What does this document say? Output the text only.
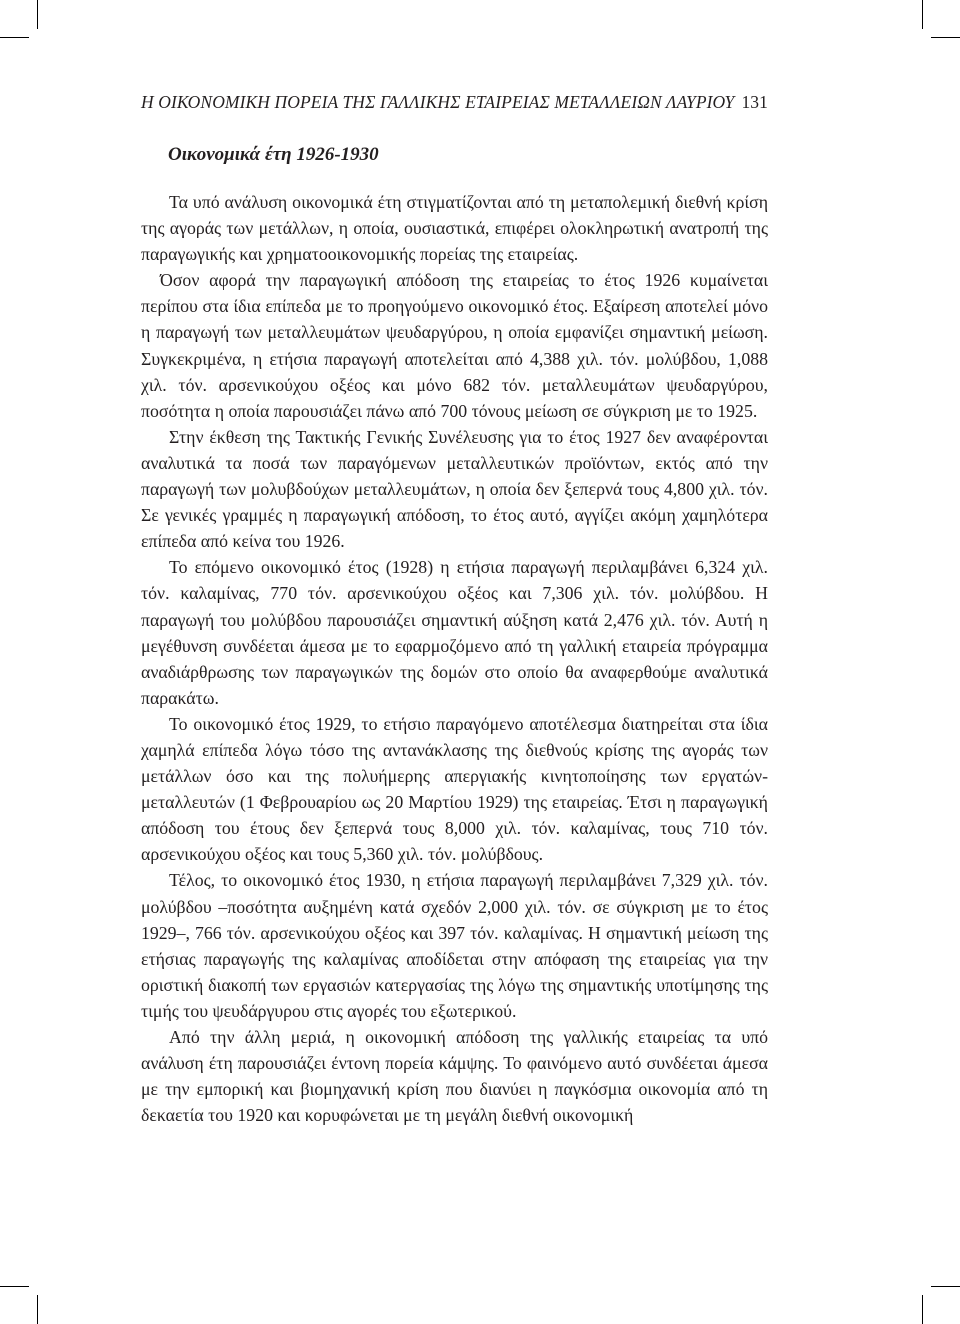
Η ΟΙΚΟΝΟΜΙΚΗ ΠΟΡΕΙΑ ΤΗΣ ΓΑΛΛΙΚΗΣ ΕΤΑΙΡΕΙΑΣ ΜΕΤΑΛΛΕΙΩΝ ΛΑΥΡΙΟΥ 131
Οικονομικά έτη 1926-1930

Τα υπό ανάλυση οικονομικά έτη στιγματίζονται από τη μεταπολεμική διεθνή κρίση της αγοράς των μετάλλων, η οποία, ουσιαστικά, επιφέρει ολοκληρωτική ανατροπή της παραγωγικής και χρηματοοικονομικής πορείας της εταιρείας.

Όσον αφορά την παραγωγική απόδοση της εταιρείας το έτος 1926 κυμαίνεται περίπου στα ίδια επίπεδα με το προηγούμενο οικονομικό έτος. Εξαίρεση αποτελεί μόνο η παραγωγή των μεταλλευμάτων ψευδαργύρου, η οποία εμφανίζει σημαντική μείωση. Συγκεκριμένα, η ετήσια παραγωγή αποτελείται από 4,388 χιλ. τόν. μολύβδου, 1,088 χιλ. τόν. αρσενικούχου οξέος και μόνο 682 τόν. μεταλλευμάτων ψευδαργύρου, ποσότητα η οποία παρουσιάζει πάνω από 700 τόνους μείωση σε σύγκριση με το 1925.

Στην έκθεση της Τακτικής Γενικής Συνέλευσης για το έτος 1927 δεν αναφέρονται αναλυτικά τα ποσά των παραγόμενων μεταλλευτικών προϊόντων, εκτός από την παραγωγή των μολυβδούχων μεταλλευμάτων, η οποία δεν ξεπερνά τους 4,800 χιλ. τόν. Σε γενικές γραμμές η παραγωγική απόδοση, το έτος αυτό, αγγίζει ακόμη χαμηλότερα επίπεδα από κείνα του 1926.

Το επόμενο οικονομικό έτος (1928) η ετήσια παραγωγή περιλαμβάνει 6,324 χιλ. τόν. καλαμίνας, 770 τόν. αρσενικούχου οξέος και 7,306 χιλ. τόν. μολύβδου. Η παραγωγή του μολύβδου παρουσιάζει σημαντική αύξηση κατά 2,476 χιλ. τόν. Αυτή η μεγέθυνση συνδέεται άμεσα με το εφαρμοζόμενο από τη γαλλική εταιρεία πρόγραμμα αναδιάρθρωσης των παραγωγικών της δομών στο οποίο θα αναφερθούμε αναλυτικά παρακάτω.

Το οικονομικό έτος 1929, το ετήσιο παραγόμενο αποτέλεσμα διατηρείται στα ίδια χαμηλά επίπεδα λόγω τόσο της αντανάκλασης της διεθνούς κρίσης της αγοράς των μετάλλων όσο και της πολυήμερης απεργιακής κινητοποίησης των εργατών-μεταλλευτών (1 Φεβρουαρίου ως 20 Μαρτίου 1929) της εταιρείας. Έτσι η παραγωγική απόδοση του έτους δεν ξεπερνά τους 8,000 χιλ. τόν. καλαμίνας, τους 710 τόν. αρσενικούχου οξέος και τους 5,360 χιλ. τόν. μολύβδους.

Τέλος, το οικονομικό έτος 1930, η ετήσια παραγωγή περιλαμβάνει 7,329 χιλ. τόν. μολύβδου –ποσότητα αυξημένη κατά σχεδόν 2,000 χιλ. τόν. σε σύγκριση με το έτος 1929–, 766 τόν. αρσενικούχου οξέος και 397 τόν. καλαμίνας. Η σημαντική μείωση της ετήσιας παραγωγής της καλαμίνας αποδίδεται στην απόφαση της εταιρείας για την οριστική διακοπή των εργασιών κατεργασίας της λόγω της σημαντικής υποτίμησης της τιμής του ψευδάργυρου στις αγορές του εξωτερικού.

Από την άλλη μεριά, η οικονομική απόδοση της γαλλικής εταιρείας τα υπό ανάλυση έτη παρουσιάζει έντονη πορεία κάμψης. Το φαινόμενο αυτό συνδέεται άμεσα με την εμπορική και βιομηχανική κρίση που διανύει η παγκόσμια οικονομία από τη δεκαετία του 1920 και κορυφώνεται με τη μεγάλη διεθνή οικονομική
